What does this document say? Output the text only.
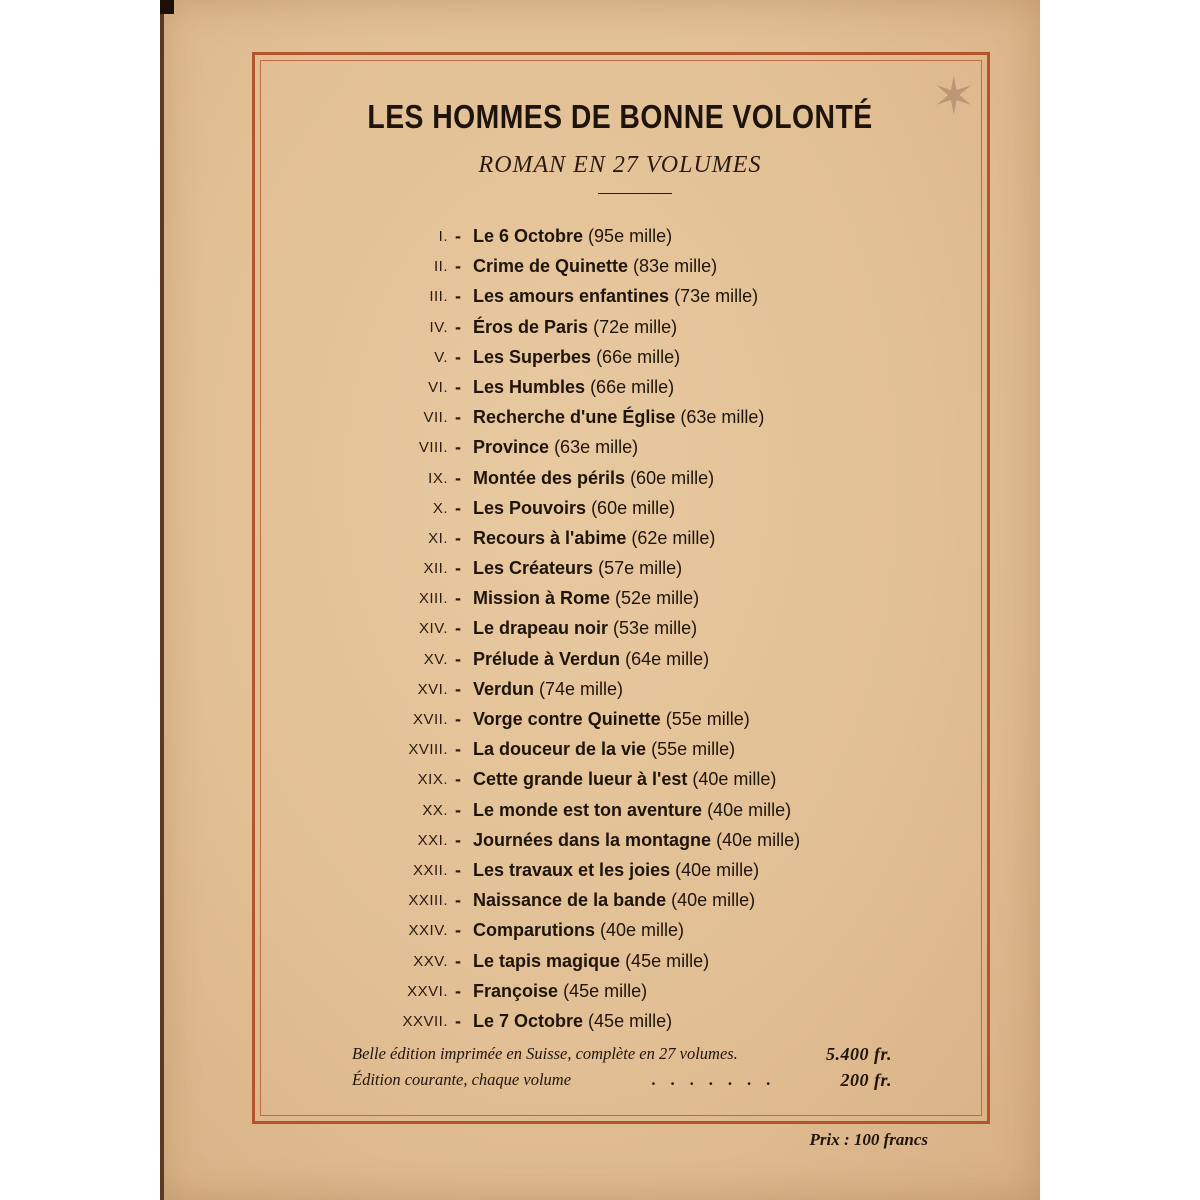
✶
LES HOMMES DE BONNE VOLONTÉ
ROMAN EN 27 VOLUMES
I. - Le 6 Octobre (95e mille)
II. - Crime de Quinette (83e mille)
III. - Les amours enfantines (73e mille)
IV. - Éros de Paris (72e mille)
V. - Les Superbes (66e mille)
VI. - Les Humbles (66e mille)
VII. - Recherche d'une Église (63e mille)
VIII. - Province (63e mille)
IX. - Montée des périls (60e mille)
X. - Les Pouvoirs (60e mille)
XI. - Recours à l'abime (62e mille)
XII. - Les Créateurs (57e mille)
XIII. - Mission à Rome (52e mille)
XIV. - Le drapeau noir (53e mille)
XV. - Prélude à Verdun (64e mille)
XVI. - Verdun (74e mille)
XVII. - Vorge contre Quinette (55e mille)
XVIII. - La douceur de la vie (55e mille)
XIX. - Cette grande lueur à l'est (40e mille)
XX. - Le monde est ton aventure (40e mille)
XXI. - Journées dans la montagne (40e mille)
XXII. - Les travaux et les joies (40e mille)
XXIII. - Naissance de la bande (40e mille)
XXIV. - Comparutions (40e mille)
XXV. - Le tapis magique (45e mille)
XXVI. - Françoise (45e mille)
XXVII. - Le 7 Octobre (45e mille)
Belle édition imprimée en Suisse, complète en 27 volumes.	5.400 fr.
Édition courante, chaque volume	.......	200 fr.
Prix : 100 francs
